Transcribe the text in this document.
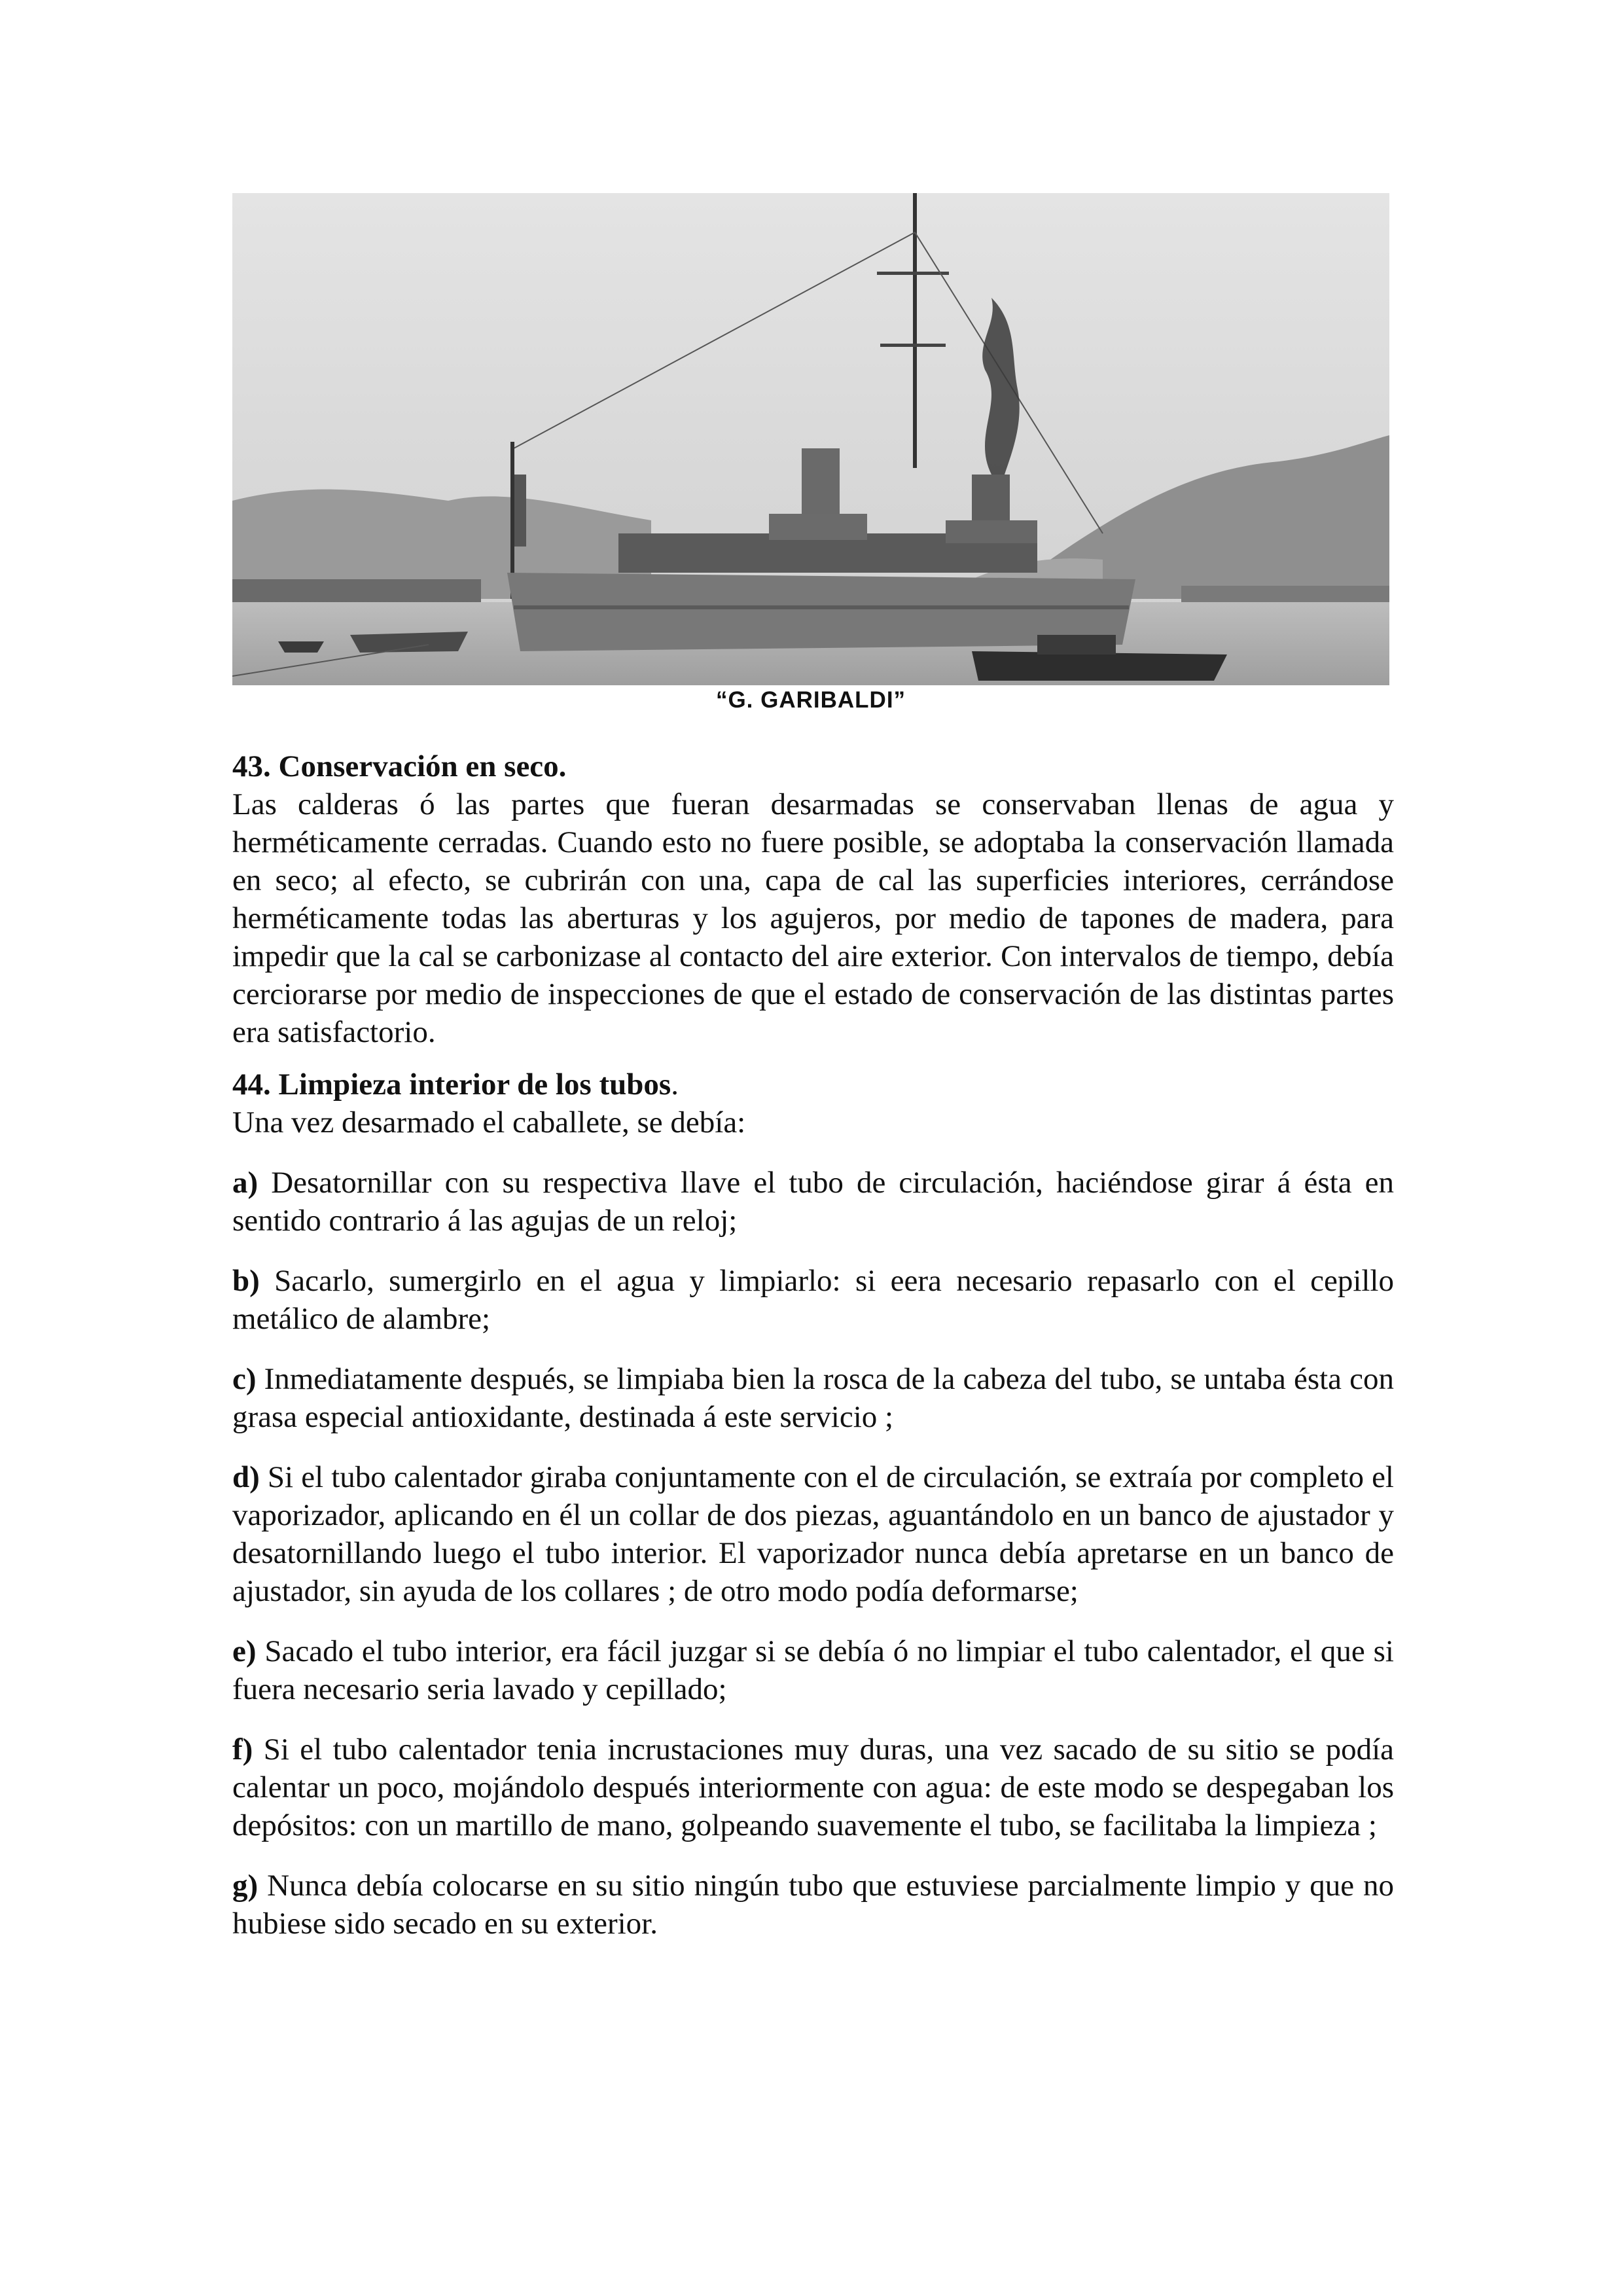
“G. GARIBALDI”

43. Conservación en seco.

Las calderas ó las partes que fueran desarmadas se conservaban llenas de agua y herméticamente cerradas. Cuando esto no fuere posible, se adoptaba la conservación llamada en seco; al efecto, se cubrirán con una, capa de cal las superficies interiores, cerrándose herméticamente todas las aberturas y los agujeros, por medio de tapones de madera, para impedir que la cal se carbonizase al contacto del aire exterior. Con intervalos de tiempo, debía cerciorarse por medio de inspecciones de que el estado de conservación de las distintas partes era satisfactorio.

44. Limpieza interior de los tubos.

Una vez desarmado el caballete, se debía:

a) Desatornillar con su respectiva llave el tubo de circulación, haciéndose girar á ésta en sentido contrario á las agujas de un reloj;

b) Sacarlo, sumergirlo en el agua y limpiarlo: si eera necesario repasarlo con el cepillo metálico de alambre;

c) Inmediatamente después, se limpiaba bien la rosca de la cabeza del tubo, se untaba ésta con grasa especial antioxidante, destinada á este servicio ;

d) Si el tubo calentador giraba conjuntamente con el de circulación, se extraía por completo el vaporizador, aplicando en él un collar de dos piezas, aguantándolo en un banco de ajustador y desatornillando luego el tubo interior. El vaporizador nunca debía apretarse en un banco de ajustador, sin ayuda de los collares ; de otro modo podía deformarse;

e) Sacado el tubo interior, era fácil juzgar si se debía ó no limpiar el tubo calentador, el que si fuera necesario seria lavado y cepillado;

f) Si el tubo calentador tenia incrustaciones muy duras, una vez sacado de su sitio se podía calentar un poco, mojándolo después interiormente con agua: de este modo se despegaban los depósitos: con un martillo de mano, golpeando suavemente el tubo, se facilitaba la limpieza ;

g) Nunca debía colocarse en su sitio ningún tubo que estuviese parcialmente limpio y que no hubiese sido secado en su exterior.
